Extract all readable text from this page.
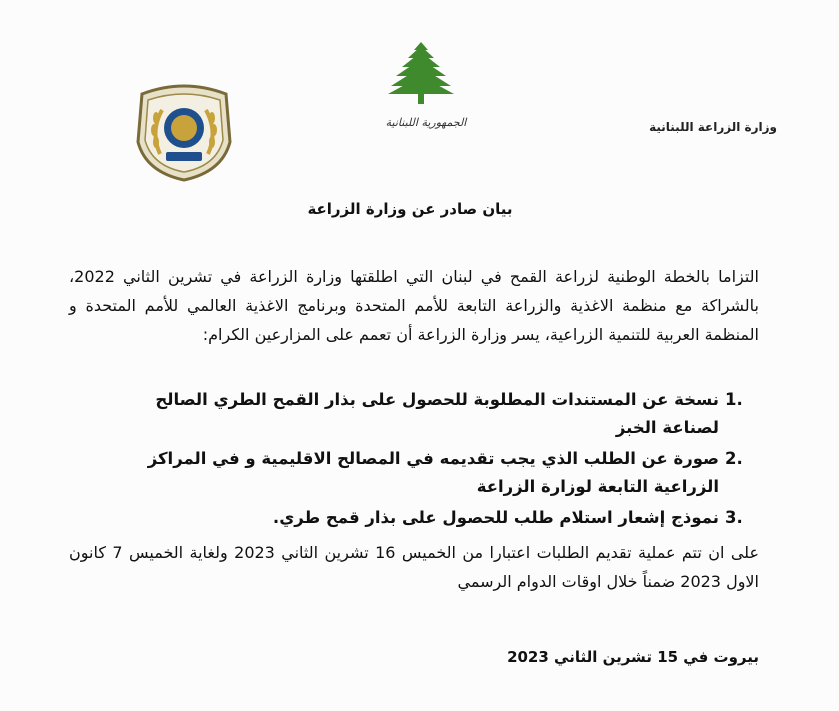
وزارة الزراعة اللبنانية
الجمهورية اللبنانية
بيان صادر عن وزارة الزراعة

التزاما بالخطة الوطنية لزراعة القمح في لبنان التي اطلقتها وزارة الزراعة في تشرين الثاني 2022، بالشراكة مع منظمة الاغذية والزراعة التابعة للأمم المتحدة وبرنامج الاغذية العالمي للأمم المتحدة و المنظمة العربية للتنمية الزراعية، يسر وزارة الزراعة أن تعمم على المزارعين الكرام:

1.
نسخة عن المستندات المطلوبة للحصول على بذار القمح الطري الصالح لصناعة الخبز
2.
صورة عن الطلب الذي يجب تقديمه في المصالح الاقليمية و في المراكز الزراعية التابعة لوزارة الزراعة
3.
نموذج إشعار استلام طلب للحصول على بذار قمح طري.

على ان تتم عملية تقديم الطلبات اعتبارا من الخميس 16 تشرين الثاني 2023 ولغاية الخميس 7 كانون الاول 2023 ضمناً خلال اوقات الدوام الرسمي

بيروت في 15 تشرين الثاني 2023
